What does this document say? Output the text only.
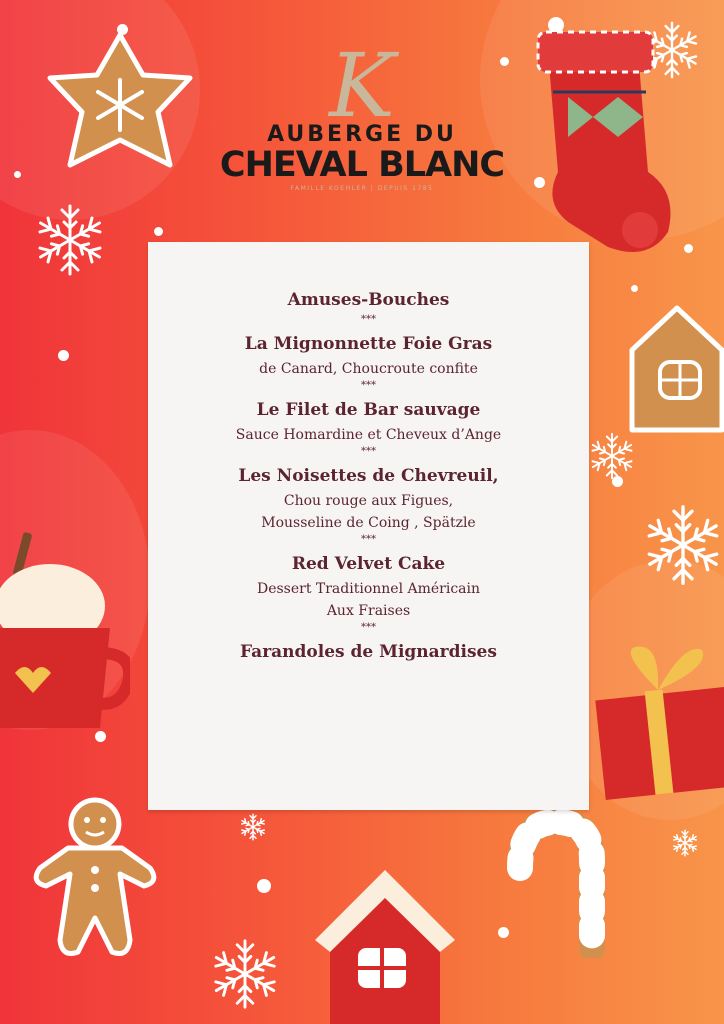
K
AUBERGE DU
CHEVAL BLANC
FAMILLE KOEHLER | DEPUIS 1785
Amuses-Bouches
***
La Mignonnette Foie Gras
de Canard, Choucroute confite
***
Le Filet de Bar sauvage
Sauce Homardine et Cheveux d’Ange
***
Les Noisettes de Chevreuil,
Chou rouge aux Figues,
Mousseline de Coing , Spätzle
***
Red Velvet Cake
Dessert Traditionnel Américain
Aux Fraises
***
Farandoles de Mignardises
